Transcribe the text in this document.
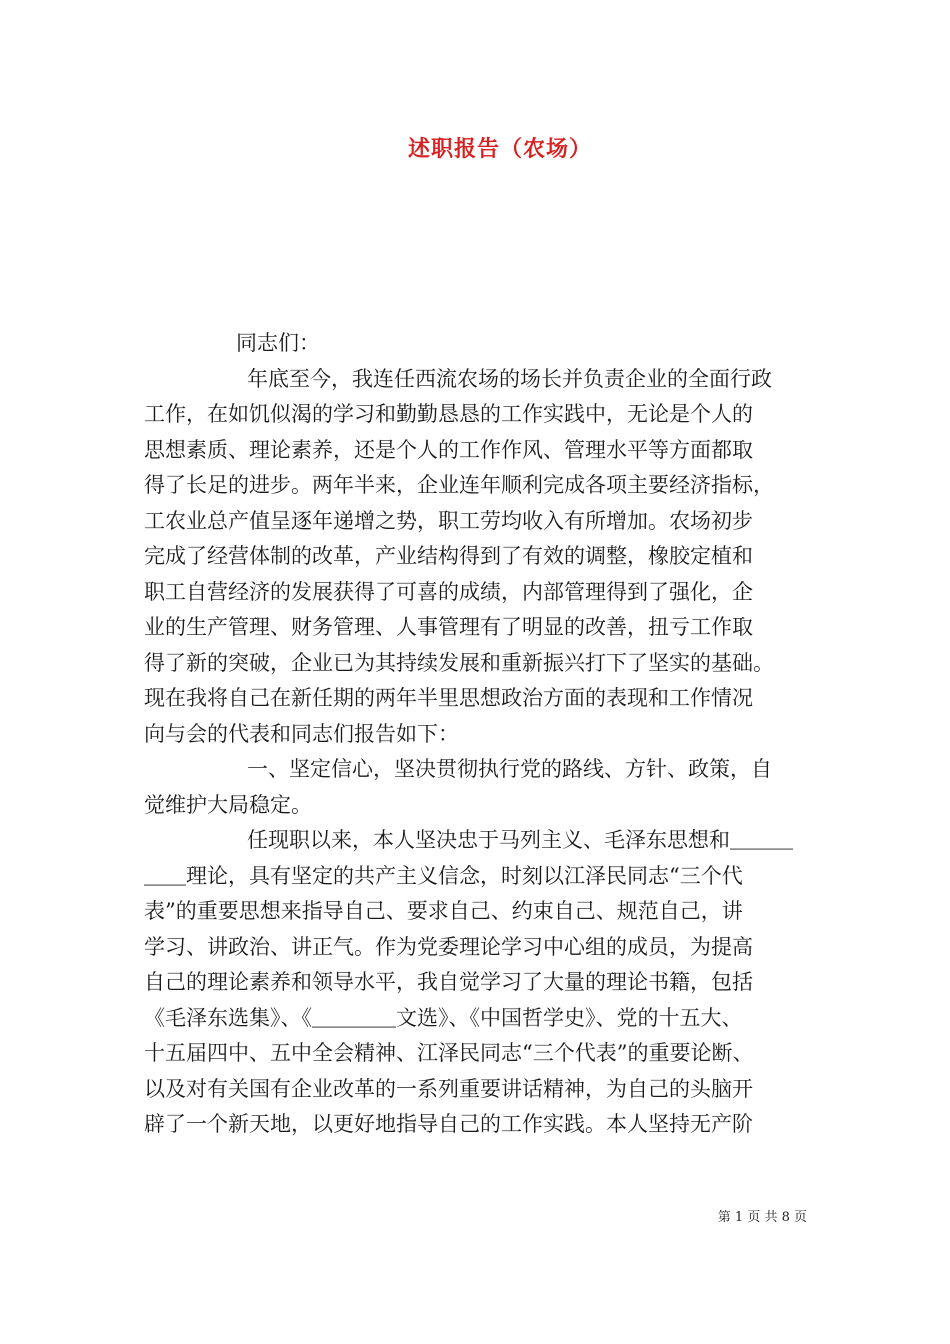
述职报告（农场）
同志们：
年底至今，我连任西流农场的场长并负责企业的全面行政
工作，在如饥似渴的学习和勤勤恳恳的工作实践中，无论是个人的
思想素质、理论素养，还是个人的工作作风、管理水平等方面都取
得了长足的进步。两年半来，企业连年顺利完成各项主要经济指标，
工农业总产值呈逐年递增之势，职工劳均收入有所增加。农场初步
完成了经营体制的改革，产业结构得到了有效的调整，橡胶定植和
职工自营经济的发展获得了可喜的成绩，内部管理得到了强化，企
业的生产管理、财务管理、人事管理有了明显的改善，扭亏工作取
得了新的突破，企业已为其持续发展和重新振兴打下了坚实的基础。
现在我将自己在新任期的两年半里思想政治方面的表现和工作情况
向与会的代表和同志们报告如下：
一、坚定信心，坚决贯彻执行党的路线、方针、政策，自
觉维护大局稳定。
任现职以来，本人坚决忠于马列主义、毛泽东思想和＿＿＿
＿＿理论，具有坚定的共产主义信念，时刻以江泽民同志“三个代
表”的重要思想来指导自己、要求自己、约束自己、规范自己，讲
学习、讲政治、讲正气。作为党委理论学习中心组的成员，为提高
自己的理论素养和领导水平，我自觉学习了大量的理论书籍，包括
《毛泽东选集》、《＿＿＿＿文选》、《中国哲学史》、党的十五大、
十五届四中、五中全会精神、江泽民同志“三个代表”的重要论断、
以及对有关国有企业改革的一系列重要讲话精神，为自己的头脑开
辟了一个新天地，以更好地指导自己的工作实践。本人坚持无产阶
第 1 页 共 8 页
